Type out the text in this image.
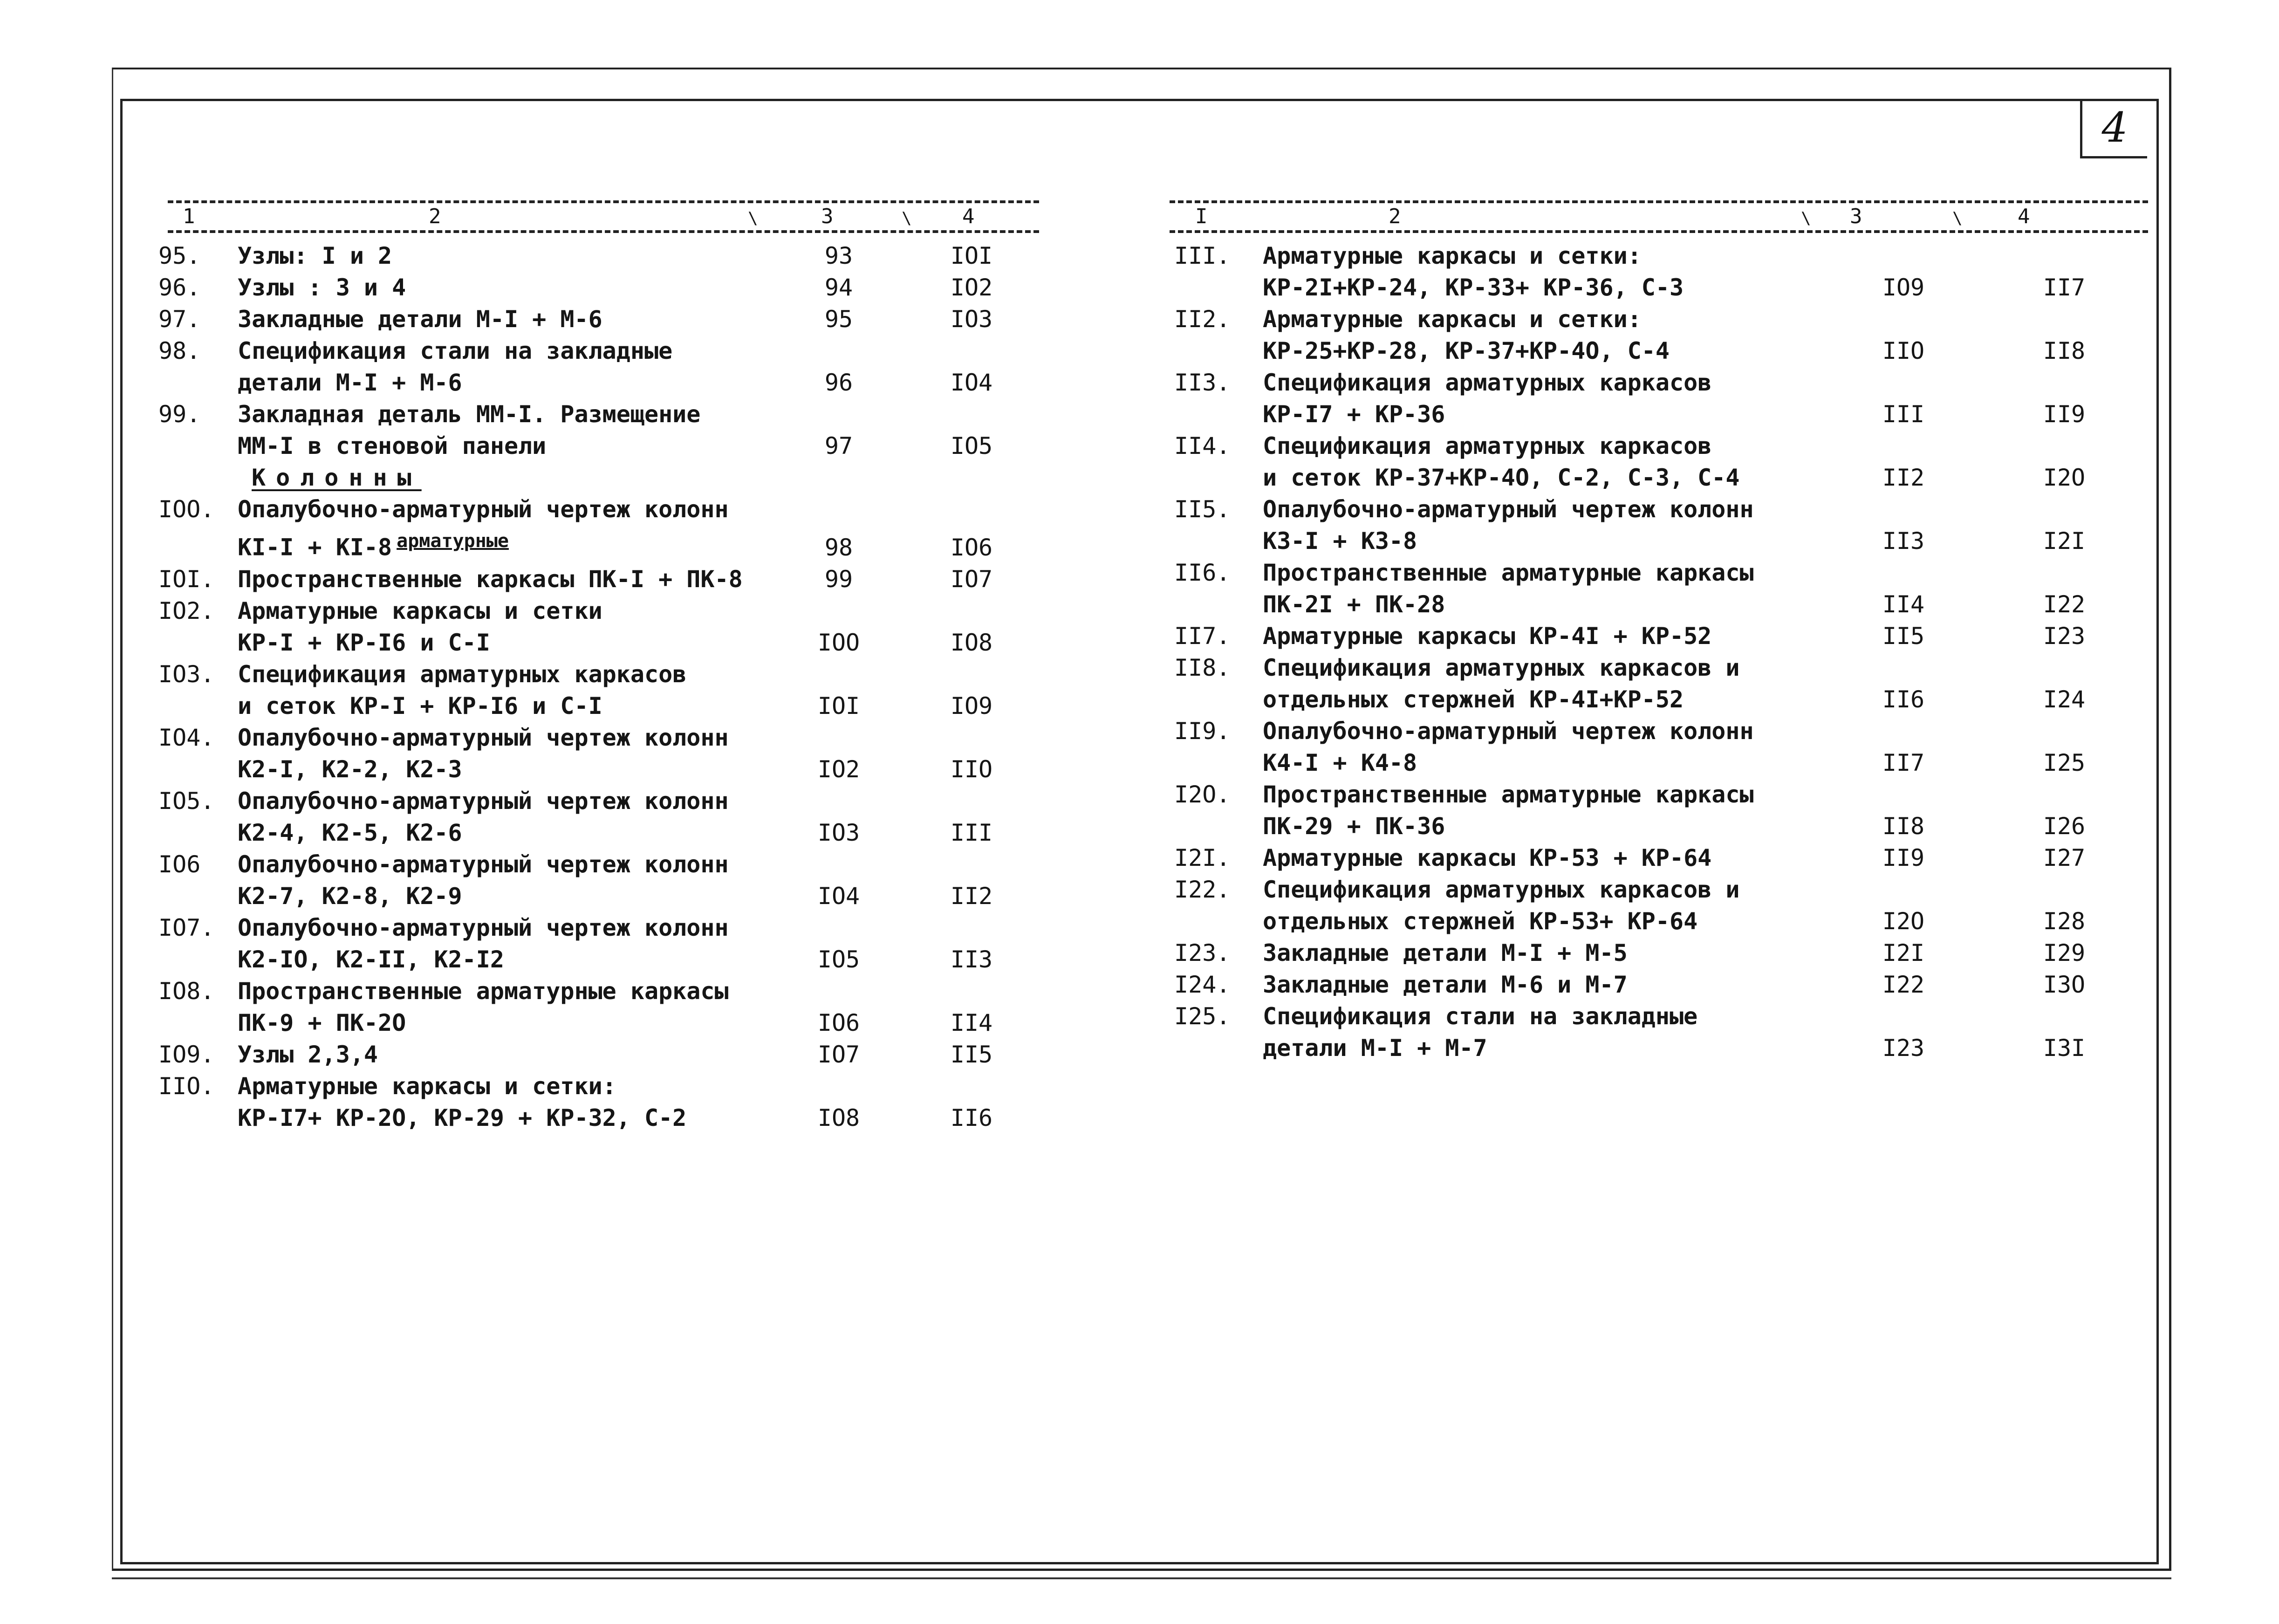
4
1	2	\	3	\ 4	I	2	\ 3	\	4
95.	Узлы: I и 2	93	IOI
96.	Узлы : 3 и 4	94	IO2
97.	Закладные детали М-I + М-6	95	IO3
98.	Спецификация стали на закладные
детали М-I + М-6	96	IO4
99.	Закладная деталь ММ-I. Размещение
ММ-I в стеновой панели	97	IO5

	Колонны		

IOO.	Опалубочно-арматурный чертеж колонн
КI-I + КI-8 $^{арматурные}$	98	IO6
IOI.	Пространственные каркасы ПК-I + ПК-8	99	IO7
IO2.	Арматурные каркасы и сетки
КР-I + КР-I6 и С-I	IOO	IO8
IO3.	Спецификация арматурных каркасов
и сеток КР-I + КР-I6 и С-I	IOI	IO9
IO4.	Опалубочно-арматурный чертеж колонн
К2-I, К2-2, К2-3	IO2	IIO
IO5.	Опалубочно-арматурный чертеж колонн
К2-4, К2-5, К2-6	IO3	III
IO6	Опалубочно-арматурный чертеж колонн
К2-7, К2-8, К2-9	IO4	II2
IO7.	Опалубочно-арматурный чертеж колонн
К2-IO, К2-II, К2-I2	IO5	II3
IO8.	Пространственные арматурные каркасы
ПК-9 + ПК-2O	IO6	II4
IO9.	Узлы 2,3,4	IO7	II5
IIO.	Арматурные каркасы и сетки:
КР-I7+ КР-2O, КР-29 + КР-32, С-2	IO8	II6
III.	Арматурные каркасы и сетки:
КР-2I+КР-24, КР-33+ КР-36, С-3	IO9	II7
II2.	Арматурные каркасы и сетки:
КР-25+КР-28, КР-37+КР-4O, С-4	IIO	II8
II3.	Спецификация арматурных каркасов
КР-I7 + КР-36	III	II9
II4.	Спецификация арматурных каркасов
и сеток КР-37+КР-4O, С-2, С-3, С-4	II2	I2O
II5.	Опалубочно-арматурный чертеж колонн
К3-I + К3-8	II3	I2I
II6.	Пространственные арматурные каркасы
ПК-2I + ПК-28	II4	I22
II7.	Арматурные каркасы КР-4I + КР-52	II5	I23
II8.	Спецификация арматурных каркасов и
отдельных стержней КР-4I+КР-52	II6	I24
II9.	Опалубочно-арматурный чертеж колонн
К4-I + К4-8	II7	I25
I2O.	Пространственные арматурные каркасы
ПК-29 + ПК-36	II8	I26
I2I.	Арматурные каркасы КР-53 + КР-64	II9	I27
I22.	Спецификация арматурных каркасов и
отдельных стержней КР-53+ КР-64	I2O	I28
I23.	Закладные детали М-I + М-5	I2I	I29
I24.	Закладные детали М-6 и М-7	I22	I3O
I25.	Спецификация стали на закладные
детали М-I + М-7	I23	I3I
